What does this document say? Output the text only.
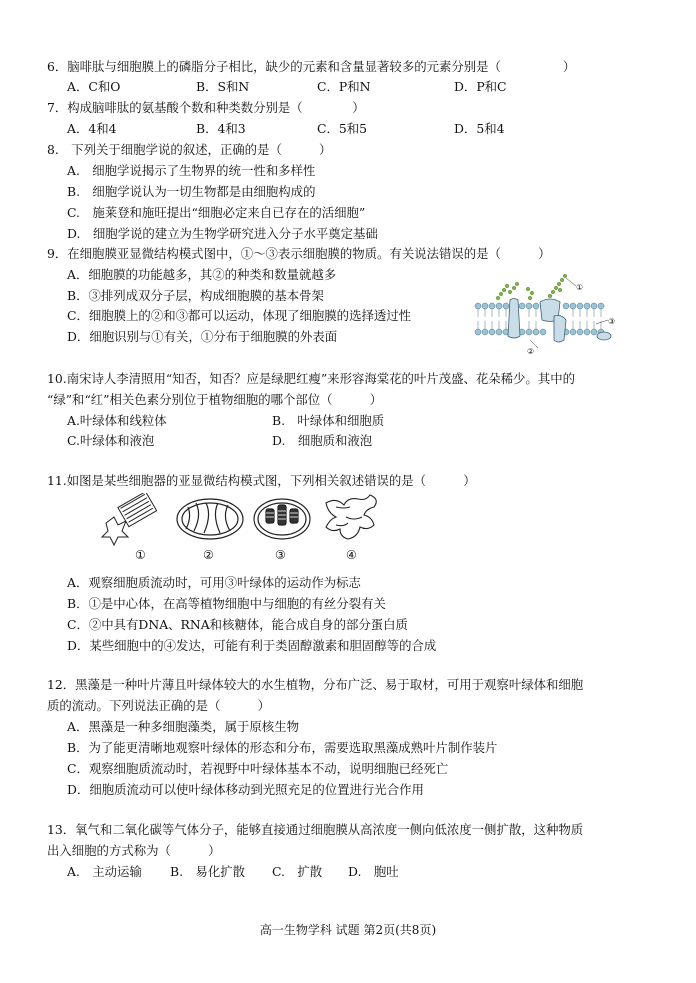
6．脑啡肽与细胞膜上的磷脂分子相比，缺少的元素和含量显著较多的元素分别是（　　　　　）
A．C和O	B．S和N	C．P和N	D．P和C
7．构成脑啡肽的氨基酸个数和种类数分别是（　　　　）
A．4和4	B．4和3	C．5和5	D．5和4
8.　下列关于细胞学说的叙述，正确的是（　　　）
A.　细胞学说揭示了生物界的统一性和多样性
B.　细胞学说认为一切生物都是由细胞构成的
C.　施莱登和施旺提出“细胞必定来自已存在的活细胞”
D.　细胞学说的建立为生物学研究进入分子水平奠定基础
9．在细胞膜亚显微结构模式图中，①～③表示细胞膜的物质。有关说法错误的是（　　　）
A．细胞膜的功能越多，其②的种类和数量就越多
B．③排列成双分子层，构成细胞膜的基本骨架
C．细胞膜上的②和③都可以运动，体现了细胞膜的选择透过性
D．细胞识别与①有关，①分布于细胞膜的外表面
①
③
②
10.南宋诗人李清照用“知否，知否？应是绿肥红瘦”来形容海棠花的叶片茂盛、花朵稀少。其中的
“绿”和“红”相关色素分别位于植物细胞的哪个部位（　　　）
A.叶绿体和线粒体	B.　叶绿体和细胞质
C.叶绿体和液泡	D.　细胞质和液泡
11.如图是某些细胞器的亚显微结构模式图，下列相关叙述错误的是（　　　）
①	②	③	④
A．观察细胞质流动时，可用③叶绿体的运动作为标志
B．①是中心体，在高等植物细胞中与细胞的有丝分裂有关
C．②中具有DNA、RNA和核糖体，能合成自身的部分蛋白质
D．某些细胞中的④发达，可能有利于类固醇激素和胆固醇等的合成
12．黑藻是一种叶片薄且叶绿体较大的水生植物，分布广泛、易于取材，可用于观察叶绿体和细胞
质的流动。下列说法正确的是（　　　）
A．黑藻是一种多细胞藻类，属于原核生物
B．为了能更清晰地观察叶绿体的形态和分布，需要选取黑藻成熟叶片制作装片
C．观察细胞质流动时，若视野中叶绿体基本不动，说明细胞已经死亡
D．细胞质流动可以使叶绿体移动到光照充足的位置进行光合作用
13．氧气和二氧化碳等气体分子，能够直接通过细胞膜从高浓度一侧向低浓度一侧扩散，这种物质
出入细胞的方式称为（　　　）
A.　主动运输 B.　易化扩散 C.　扩散 D.　胞吐
高一生物学科 试题 第2页(共8页)
